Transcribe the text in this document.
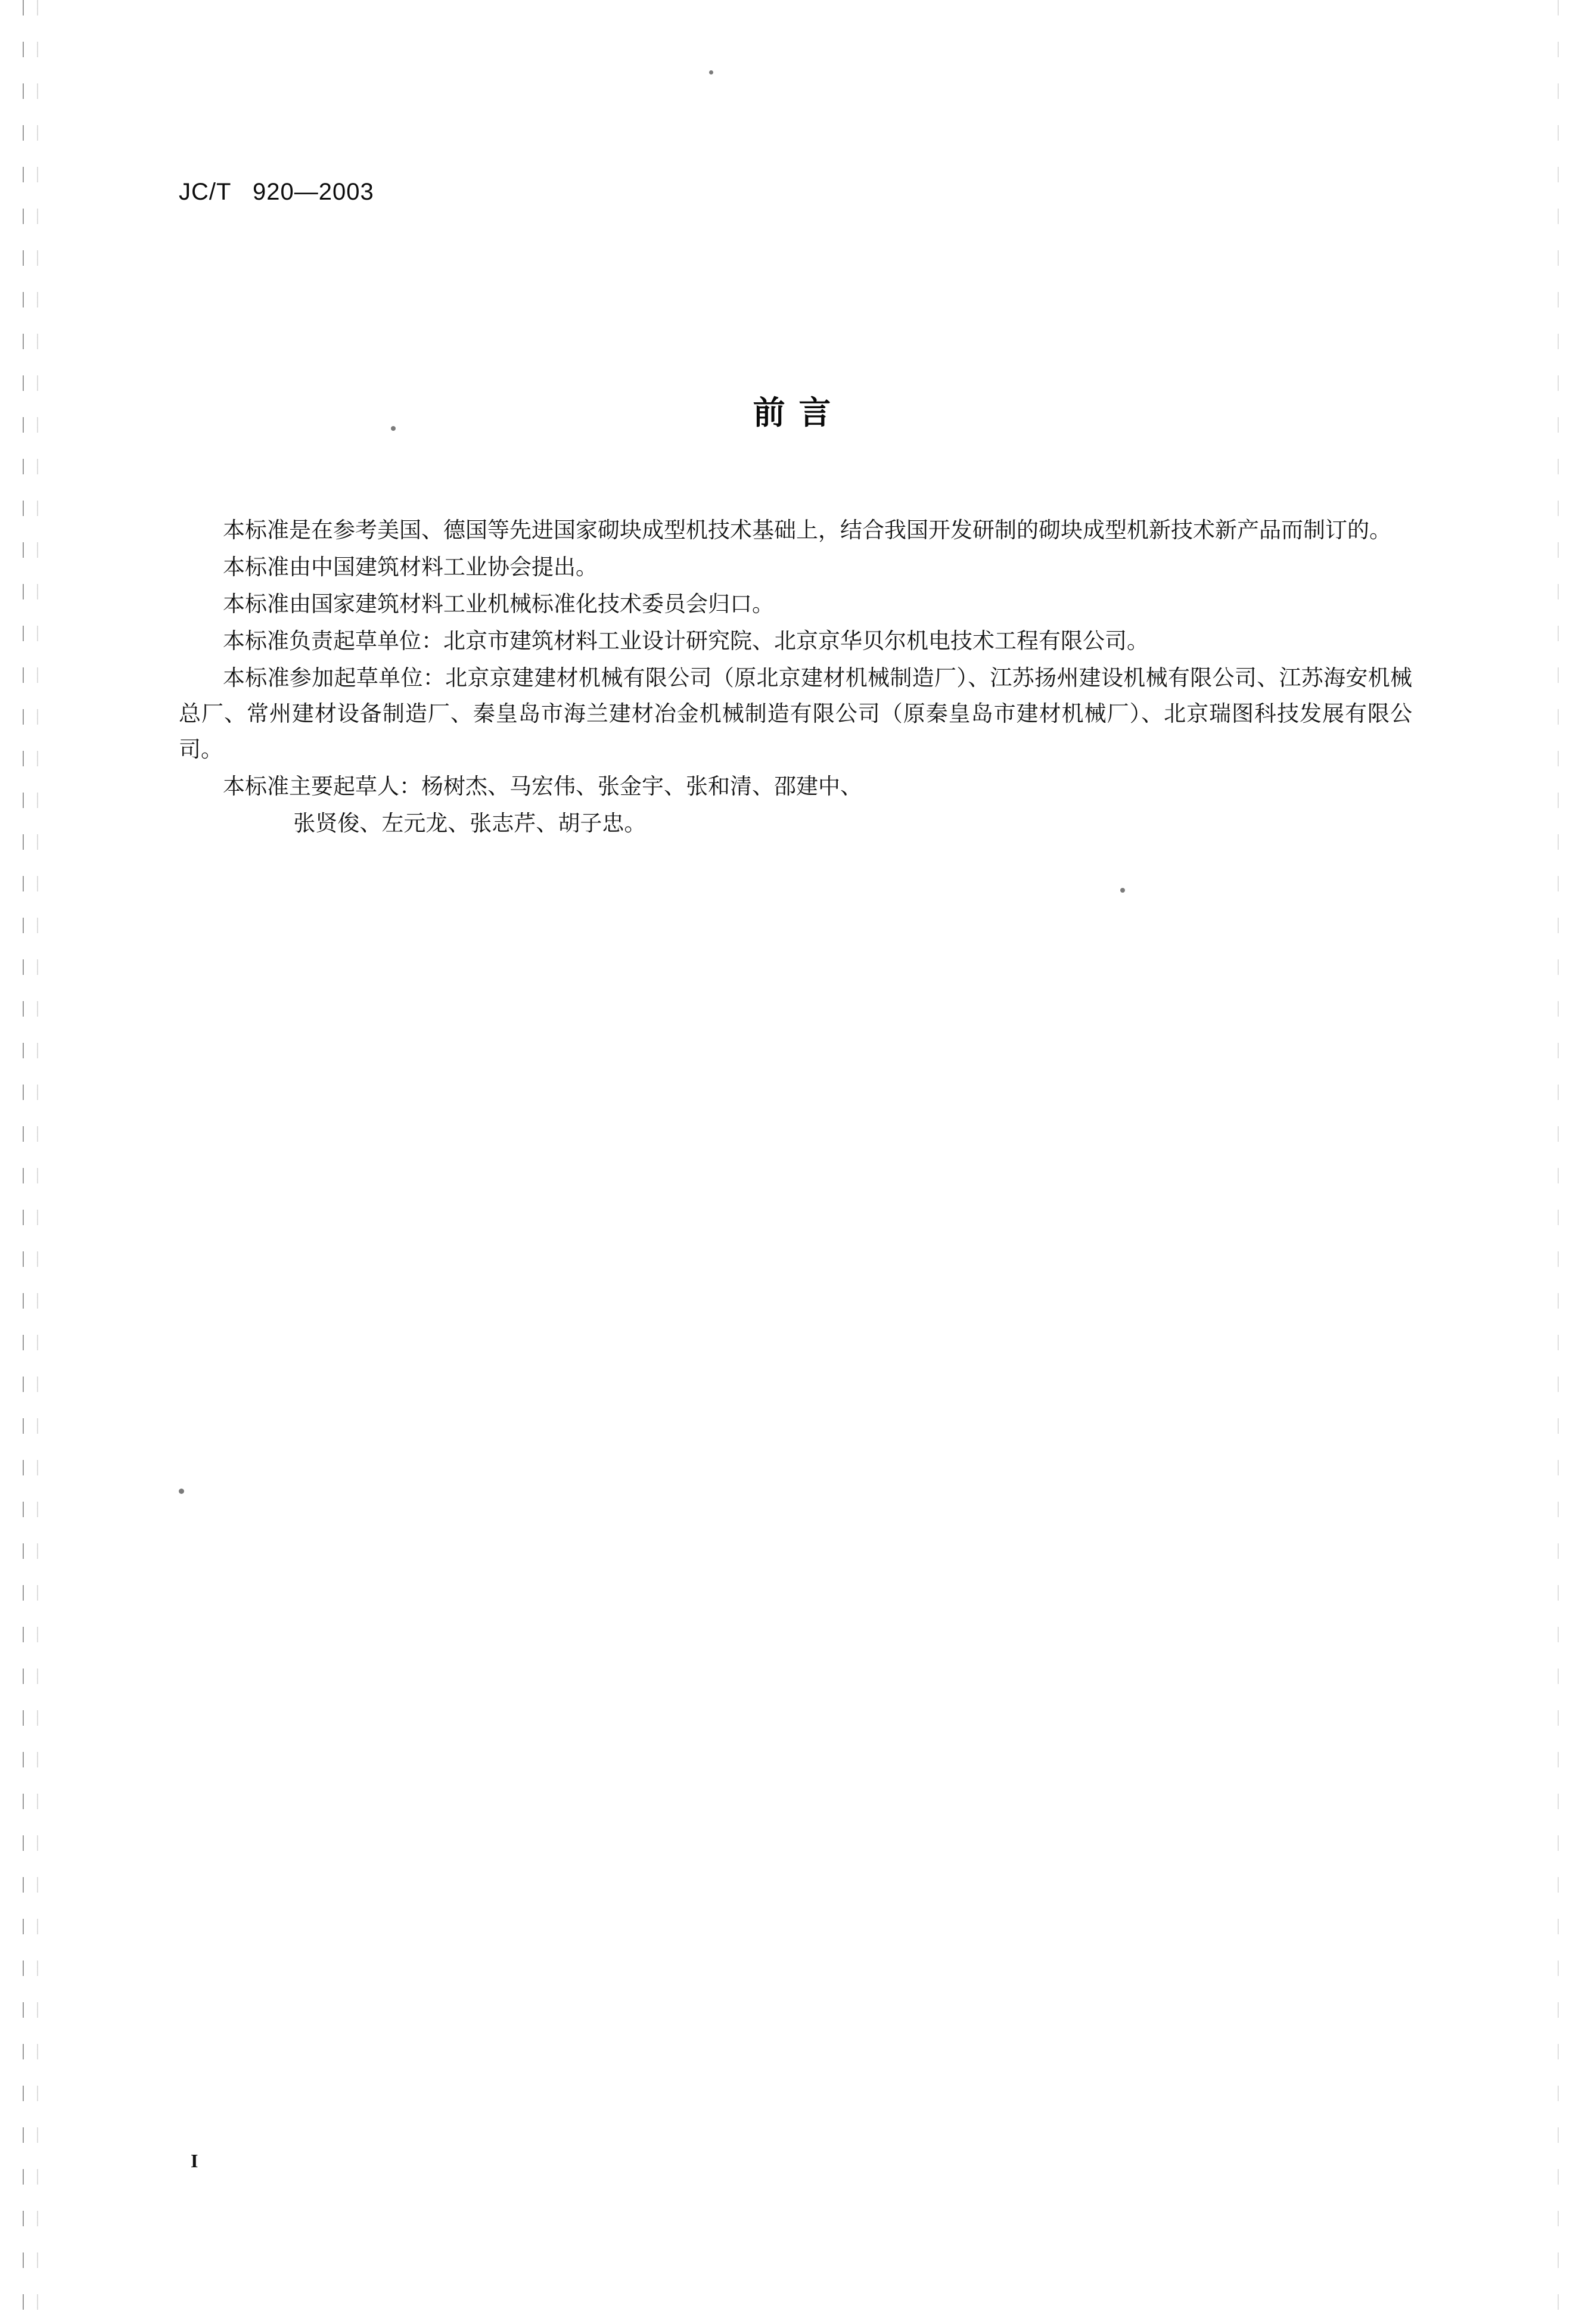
JC/T   920—2003
前 言

本标准是在参考美国、德国等先进国家砌块成型机技术基础上，结合我国开发研制的砌块成型机新技术新产品而制订的。

本标准由中国建筑材料工业协会提出。

本标准由国家建筑材料工业机械标准化技术委员会归口。

本标准负责起草单位：北京市建筑材料工业设计研究院、北京京华贝尔机电技术工程有限公司。

本标准参加起草单位：北京京建建材机械有限公司（原北京建材机械制造厂）、江苏扬州建设机械有限公司、江苏海安机械总厂、常州建材设备制造厂、秦皇岛市海兰建材冶金机械制造有限公司（原秦皇岛市建材机械厂）、北京瑞图科技发展有限公司。

本标准主要起草人：杨树杰、马宏伟、张金宇、张和清、邵建中、

张贤俊、左元龙、张志芹、胡子忠。

I
